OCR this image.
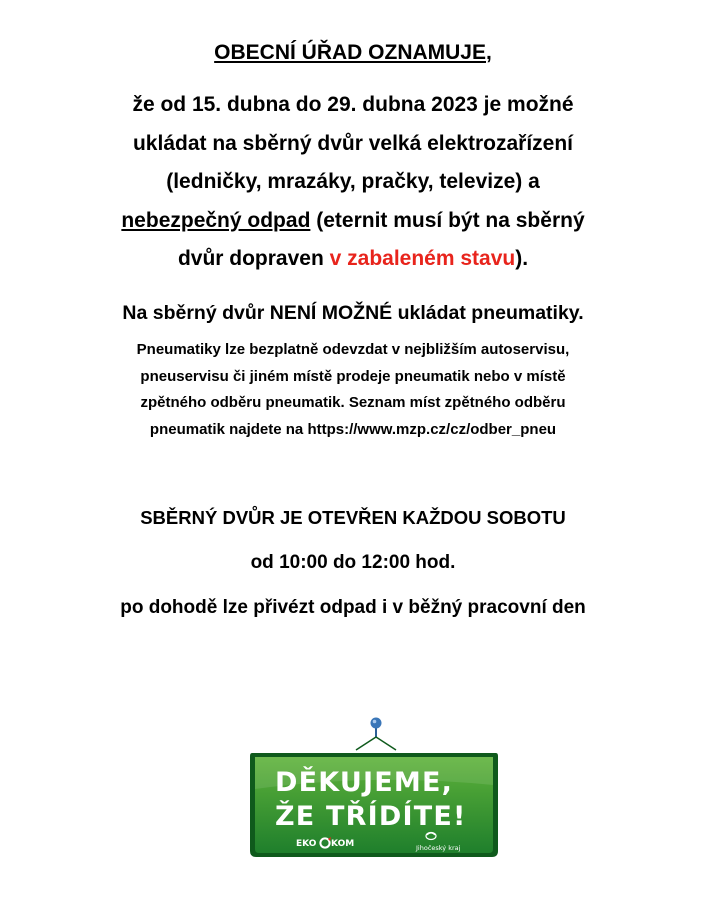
OBECNÍ ÚŘAD OZNAMUJE,
že od 15. dubna do 29. dubna 2023 je možné
ukládat na sběrný dvůr velká elektrozařízení
(ledničky, mrazáky, pračky, televize) a
nebezpečný odpad (eternit musí být na sběrný
dvůr dopraven v zabaleném stavu).
Na sběrný dvůr NENÍ MOŽNÉ ukládat pneumatiky.
Pneumatiky lze bezplatně odevzdat v nejbližším autoservisu,
pneuservisu či jiném místě prodeje pneumatik nebo v místě
zpětného odběru pneumatik. Seznam míst zpětného odběru
pneumatik najdete na https://www.mzp.cz/cz/odber_pneu
SBĚRNÝ DVŮR JE OTEVŘEN KAŽDOU SOBOTU
od 10:00 do 12:00 hod.
po dohodě lze přivézt odpad i v běžný pracovní den
DĚKUJEME,
ŽE TŘÍDÍTE!
EKO KOM	Jihočeský kraj
